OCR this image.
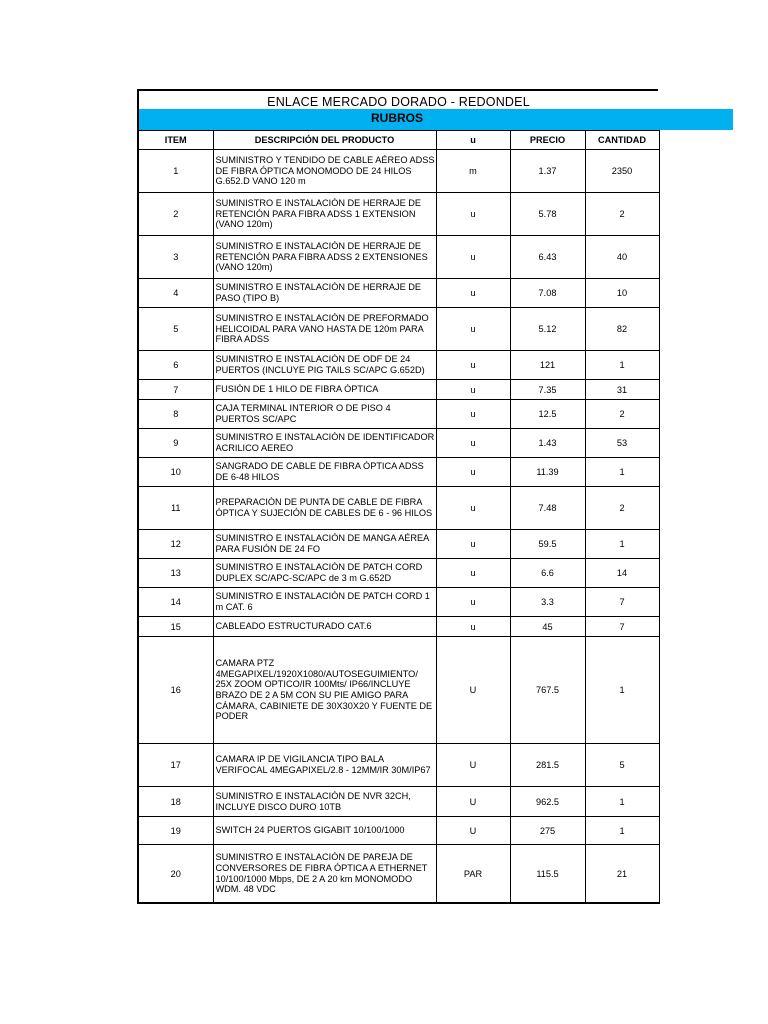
ENLACE MERCADO DORADO - REDONDEL
RUBROS
ITEM	DESCRIPCIÓN DEL PRODUCTO	u	PRECIO	CANTIDAD
1	SUMINISTRO Y TENDIDO DE CABLE AÉREO ADSS DE FIBRA ÓPTICA MONOMODO DE 24 HILOS G.652.D VANO 120 m	m	1.37	2350
2	SUMINISTRO E INSTALACIÓN DE HERRAJE DE RETENCIÓN PARA FIBRA ADSS 1 EXTENSION (VANO 120m)	u	5.78	2
3	SUMINISTRO E INSTALACIÓN DE HERRAJE DE RETENCIÓN PARA FIBRA ADSS 2 EXTENSIONES (VANO 120m)	u	6.43	40
4	SUMINISTRO E INSTALACIÓN DE HERRAJE DE PASO (TIPO B)	u	7.08	10
5	SUMINISTRO E INSTALACIÓN DE PREFORMADO HELICOIDAL PARA VANO HASTA DE 120m PARA FIBRA ADSS	u	5.12	82
6	SUMINISTRO E INSTALACIÓN DE ODF DE 24 PUERTOS (INCLUYE PIG TAILS SC/APC G.652D)	u	121	1
7	FUSIÓN DE 1 HILO DE FIBRA ÓPTICA	u	7.35	31
8	CAJA TERMINAL INTERIOR O DE PISO 4 PUERTOS SC/APC	u	12.5	2
9	SUMINISTRO E INSTALACIÓN DE IDENTIFICADOR ACRILICO AEREO	u	1.43	53
10	SANGRADO DE CABLE DE FIBRA ÓPTICA ADSS DE 6-48 HILOS	u	11.39	1
11	PREPARACIÓN DE PUNTA DE CABLE DE FIBRA ÓPTICA Y SUJECIÓN DE CABLES DE 6 - 96 HILOS	u	7.48	2
12	SUMINISTRO E INSTALACIÓN DE MANGA AÉREA PARA FUSIÓN DE 24 FO	u	59.5	1
13	SUMINISTRO E INSTALACIÓN DE PATCH CORD DUPLEX SC/APC-SC/APC de 3 m G.652D	u	6.6	14
14	SUMINISTRO E INSTALACIÓN DE PATCH CORD 1 m CAT. 6	u	3.3	7
15	CABLEADO ESTRUCTURADO CAT.6	u	45	7
16	CAMARA PTZ 4MEGAPIXEL/1920X1080/AUTOSEGUIMIENTO/ 25X ZOOM OPTICO/IR 100Mts/ IP66/INCLUYE BRAZO DE 2 A 5M CON SU PIE AMIGO PARA CÁMARA, CABINIETE DE 30X30X20 Y FUENTE DE PODER	U	767.5	1
17	CAMARA IP DE VIGILANCIA TIPO BALA VERIFOCAL 4MEGAPIXEL/2.8 - 12MM/IR 30M/IP67	U	281.5	5
18	SUMINISTRO E INSTALACIÓN DE NVR 32CH, INCLUYE DISCO DURO 10TB	U	962.5	1
19	SWITCH 24 PUERTOS GIGABIT 10/100/1000	U	275	1
20	SUMINISTRO E INSTALACIÓN DE PAREJA DE CONVERSORES DE FIBRA ÓPTICA A ETHERNET 10/100/1000 Mbps, DE 2 A 20 km MONOMODO WDM. 48 VDC	PAR	115.5	21
